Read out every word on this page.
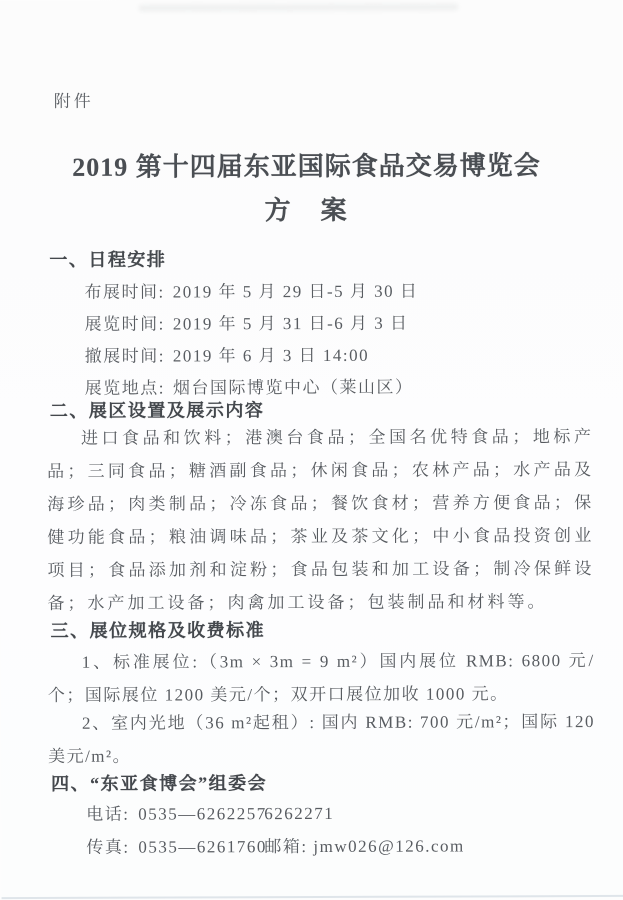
附件
2019 第十四届东亚国际食品交易博览会
方　案
一、日程安排
布展时间: 2019 年 5 月 29 日-5 月 30 日
展览时间: 2019 年 5 月 31 日-6 月 3 日
撤展时间: 2019 年 6 月 3 日 14:00
展览地点: 烟台国际博览中心（莱山区）
二、展区设置及展示内容
进口食品和饮料；港澳台食品；全国名优特食品；地标产品；三同食品；糖酒副食品；休闲食品；农林产品；水产品及海珍品；肉类制品；冷冻食品；餐饮食材；营养方便食品；保健功能食品；粮油调味品；茶业及茶文化；中小食品投资创业项目；食品添加剂和淀粉；食品包装和加工设备；制冷保鲜设备；水产加工设备；肉禽加工设备；包装制品和材料等。
三、展位规格及收费标准
1、标准展位:（3m × 3m = 9 m²）国内展位 RMB: 6800 元/个；国际展位 1200 美元/个；双开口展位加收 1000 元。
2、室内光地（36 m²起租）: 国内 RMB: 700 元/m²；国际 120 美元/m²。
四、“东亚食博会”组委会
电话: 0535—6262257
6262271
传真: 0535—6261760
邮箱: jmw026@126.com
